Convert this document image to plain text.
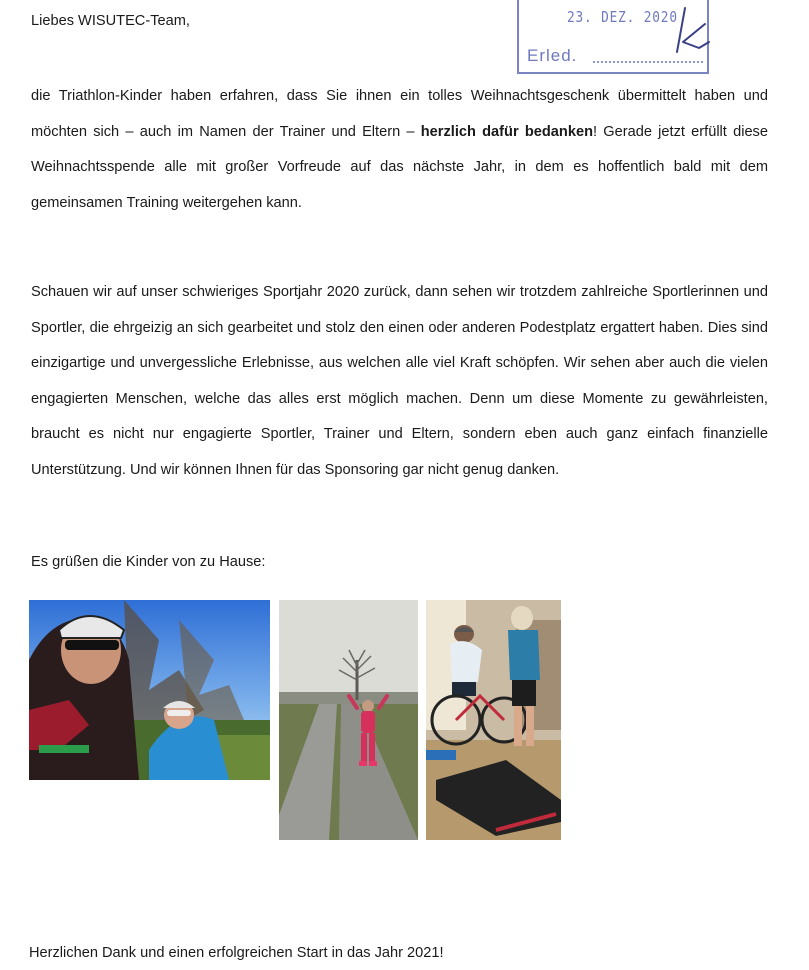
Liebes WISUTEC-Team,	23. DEZ. 2020
Erled.

die Triathlon-Kinder haben erfahren, dass Sie ihnen ein tolles Weihnachtsgeschenk übermittelt haben und möchten sich – auch im Namen der Trainer und Eltern – herzlich dafür bedanken! Gerade jetzt erfüllt diese Weihnachtsspende alle mit großer Vorfreude auf das nächste Jahr, in dem es hoffentlich bald mit dem gemeinsamen Training weitergehen kann.

Schauen wir auf unser schwieriges Sportjahr 2020 zurück, dann sehen wir trotzdem zahlreiche Sportlerinnen und Sportler, die ehrgeizig an sich gearbeitet und stolz den einen oder anderen Podestplatz ergattert haben. Dies sind einzigartige und unvergessliche Erlebnisse, aus welchen alle viel Kraft schöpfen. Wir sehen aber auch die vielen engagierten Menschen, welche das alles erst möglich machen. Denn um diese Momente zu gewährleisten, braucht es nicht nur engagierte Sportler, Trainer und Eltern, sondern eben auch ganz einfach finanzielle Unterstützung. Und wir können Ihnen für das Sponsoring gar nicht genug danken.

Es grüßen die Kinder von zu Hause:

Herzlichen Dank und einen erfolgreichen Start in das Jahr 2021!
